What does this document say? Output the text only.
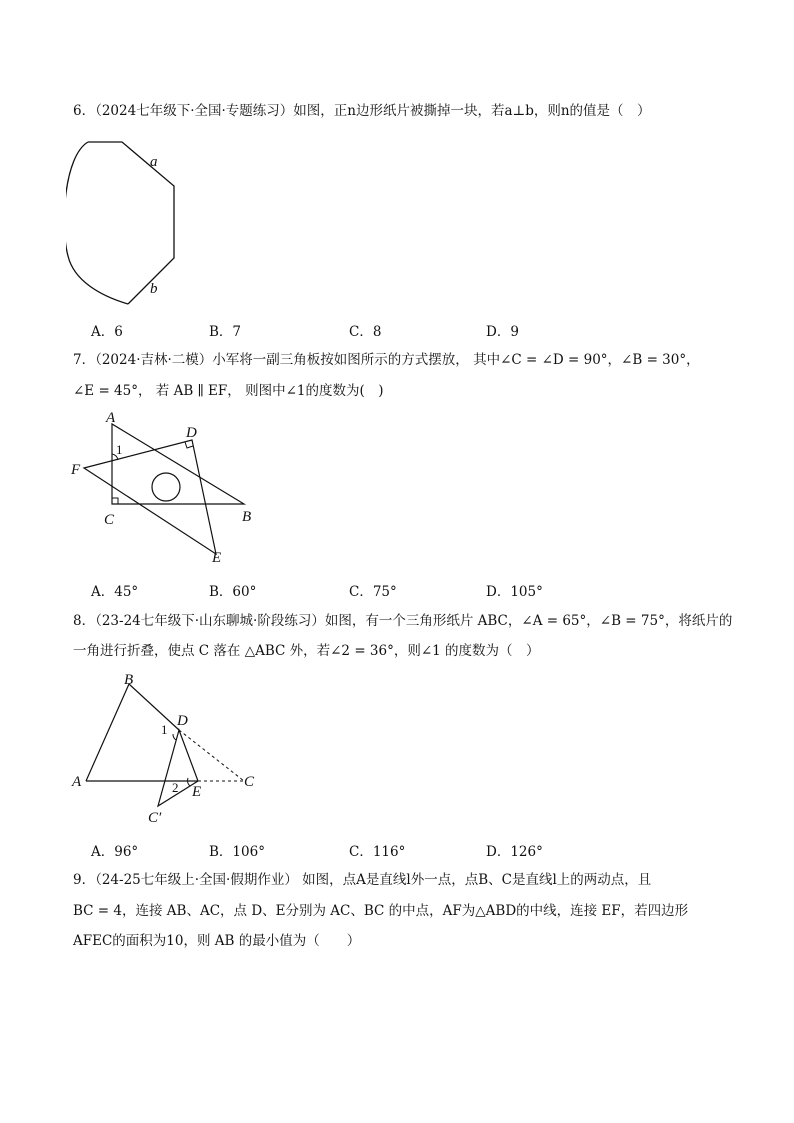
6．（2024七年级下·全国·专题练习）如图，正n边形纸片被撕掉一块，若a⊥b，则n的值是（　）
a
b
A．6	B．7	C．8	D．9
7．（2024·吉林·二模）小军将一副三角板按如图所示的方式摆放， 其中∠C = ∠D = 90°，∠B = 30°，
∠E = 45°， 若 AB ∥ EF， 则图中∠1的度数为(　)
A
D
F
C	B
E
1
A．45°	B．60°	C．75°	D．105°
8．（23-24七年级下·山东聊城·阶段练习）如图，有一个三角形纸片 ABC，∠A = 65°，∠B = 75°，将纸片的
一角进行折叠，使点 C 落在 △ABC 外，若∠2 = 36°，则∠1 的度数为（　）
B
D
1
A	2 E
C
C′
A．96°	B．106°	C．116°	D．126°
9．（24-25七年级上·全国·假期作业） 如图，点A是直线l外一点，点B、C是直线l上的两动点，且
BC = 4，连接 AB、AC，点 D、E分别为 AC、BC 的中点，AF为△ABD的中线，连接 EF，若四边形
AFEC的面积为10，则 AB 的最小值为（　　）
